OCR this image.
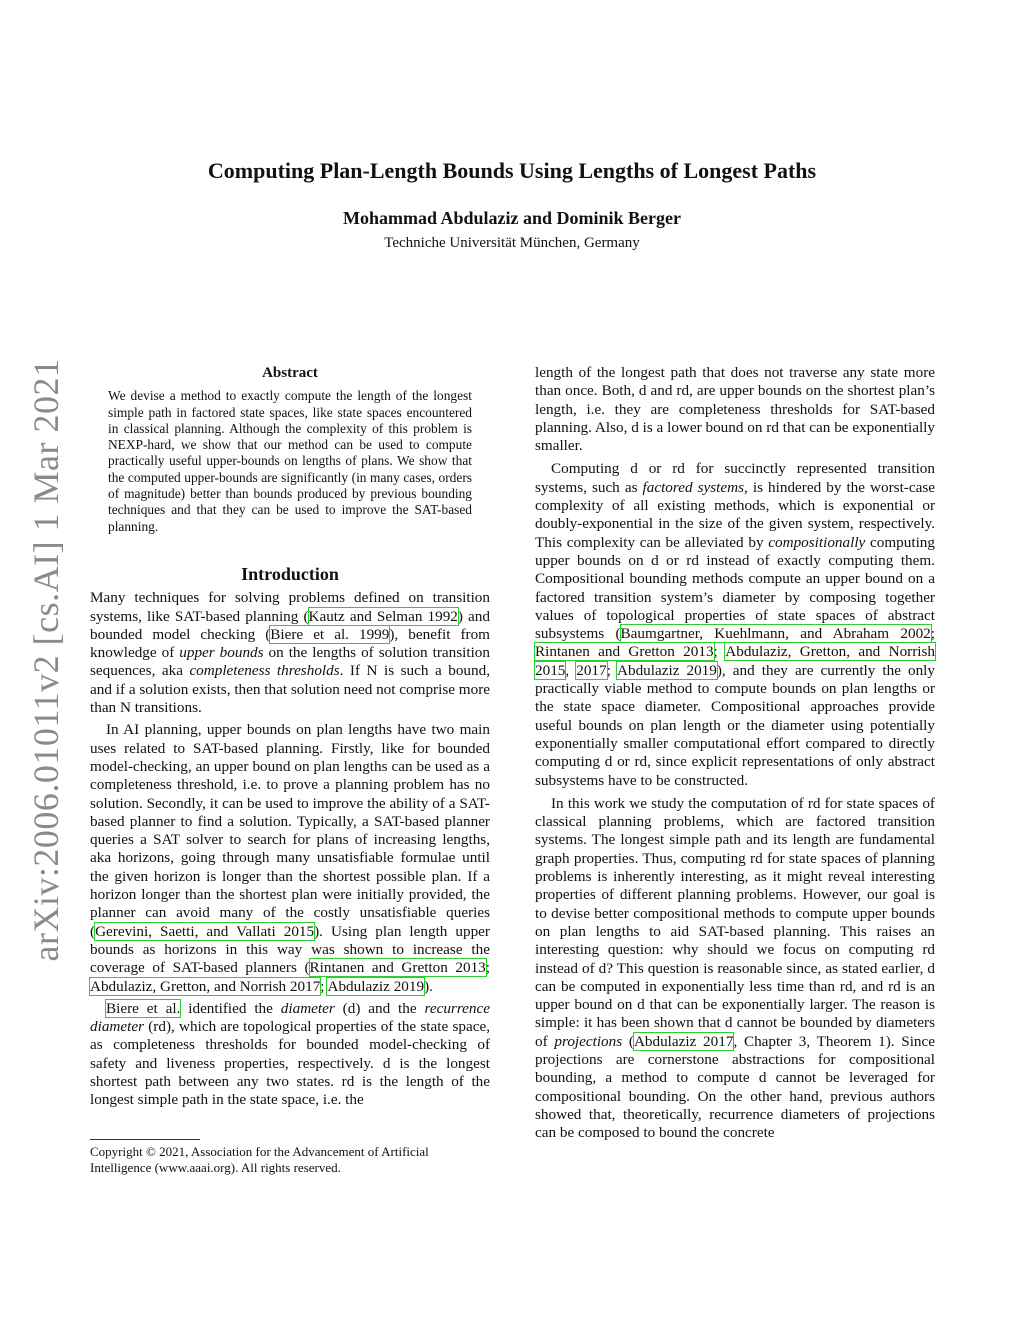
arXiv:2006.01011v2 [cs.AI] 1 Mar 2021
Computing Plan-Length Bounds Using Lengths of Longest Paths
Mohammad Abdulaziz and Dominik Berger
Techniche Universität München, Germany
Abstract
We devise a method to exactly compute the length of the longest simple path in factored state spaces, like state spaces encountered in classical planning. Although the complexity of this problem is NEXP-hard, we show that our method can be used to compute practically useful upper-bounds on lengths of plans. We show that the computed upper-bounds are significantly (in many cases, orders of magnitude) better than bounds produced by previous bounding techniques and that they can be used to improve the SAT-based planning.
Introduction

Many techniques for solving problems defined on transition systems, like SAT-based planning (Kautz and Selman 1992) and bounded model checking (Biere et al. 1999), benefit from knowledge of upper bounds on the lengths of solution transition sequences, aka completeness thresholds. If N is such a bound, and if a solution exists, then that solution need not comprise more than N transitions.

In AI planning, upper bounds on plan lengths have two main uses related to SAT-based planning. Firstly, like for bounded model-checking, an upper bound on plan lengths can be used as a completeness threshold, i.e. to prove a planning problem has no solution. Secondly, it can be used to improve the ability of a SAT-based planner to find a solution. Typically, a SAT-based planner queries a SAT solver to search for plans of increasing lengths, aka horizons, going through many unsatisfiable formulae until the given horizon is longer than the shortest possible plan. If a horizon longer than the shortest plan were initially provided, the planner can avoid many of the costly unsatisfiable queries (Gerevini, Saetti, and Vallati 2015). Using plan length upper bounds as horizons in this way was shown to increase the coverage of SAT-based planners (Rintanen and Gretton 2013; Abdulaziz, Gretton, and Norrish 2017; Abdulaziz 2019).

Biere et al. identified the diameter (d) and the recurrence diameter (rd), which are topological properties of the state space, as completeness thresholds for bounded model-checking of safety and liveness properties, respectively. d is the longest shortest path between any two states. rd is the length of the longest simple path in the state space, i.e. the

Copyright © 2021, Association for the Advancement of Artificial Intelligence (www.aaai.org). All rights reserved.

length of the longest path that does not traverse any state more than once. Both, d and rd, are upper bounds on the shortest plan’s length, i.e. they are completeness thresholds for SAT-based planning. Also, d is a lower bound on rd that can be exponentially smaller.

Computing d or rd for succinctly represented transition systems, such as factored systems, is hindered by the worst-case complexity of all existing methods, which is exponential or doubly-exponential in the size of the given system, respectively. This complexity can be alleviated by compositionally computing upper bounds on d or rd instead of exactly computing them. Compositional bounding methods compute an upper bound on a factored transition system’s diameter by composing together values of topological properties of state spaces of abstract subsystems (Baumgartner, Kuehlmann, and Abraham 2002; Rintanen and Gretton 2013; Abdulaziz, Gretton, and Norrish 2015, 2017; Abdulaziz 2019), and they are currently the only practically viable method to compute bounds on plan lengths or the state space diameter. Compositional approaches provide useful bounds on plan length or the diameter using potentially exponentially smaller computational effort compared to directly computing d or rd, since explicit representations of only abstract subsystems have to be constructed.

In this work we study the computation of rd for state spaces of classical planning problems, which are factored transition systems. The longest simple path and its length are fundamental graph properties. Thus, computing rd for state spaces of planning problems is inherently interesting, as it might reveal interesting properties of different planning problems. However, our goal is to devise better compositional methods to compute upper bounds on plan lengths to aid SAT-based planning. This raises an interesting question: why should we focus on computing rd instead of d? This question is reasonable since, as stated earlier, d can be computed in exponentially less time than rd, and rd is an upper bound on d that can be exponentially larger. The reason is simple: it has been shown that d cannot be bounded by diameters of projections (Abdulaziz 2017, Chapter 3, Theorem 1). Since projections are cornerstone abstractions for compositional bounding, a method to compute d cannot be leveraged for compositional bounding. On the other hand, previous authors showed that, theoretically, recurrence diameters of projections can be composed to bound the concrete
